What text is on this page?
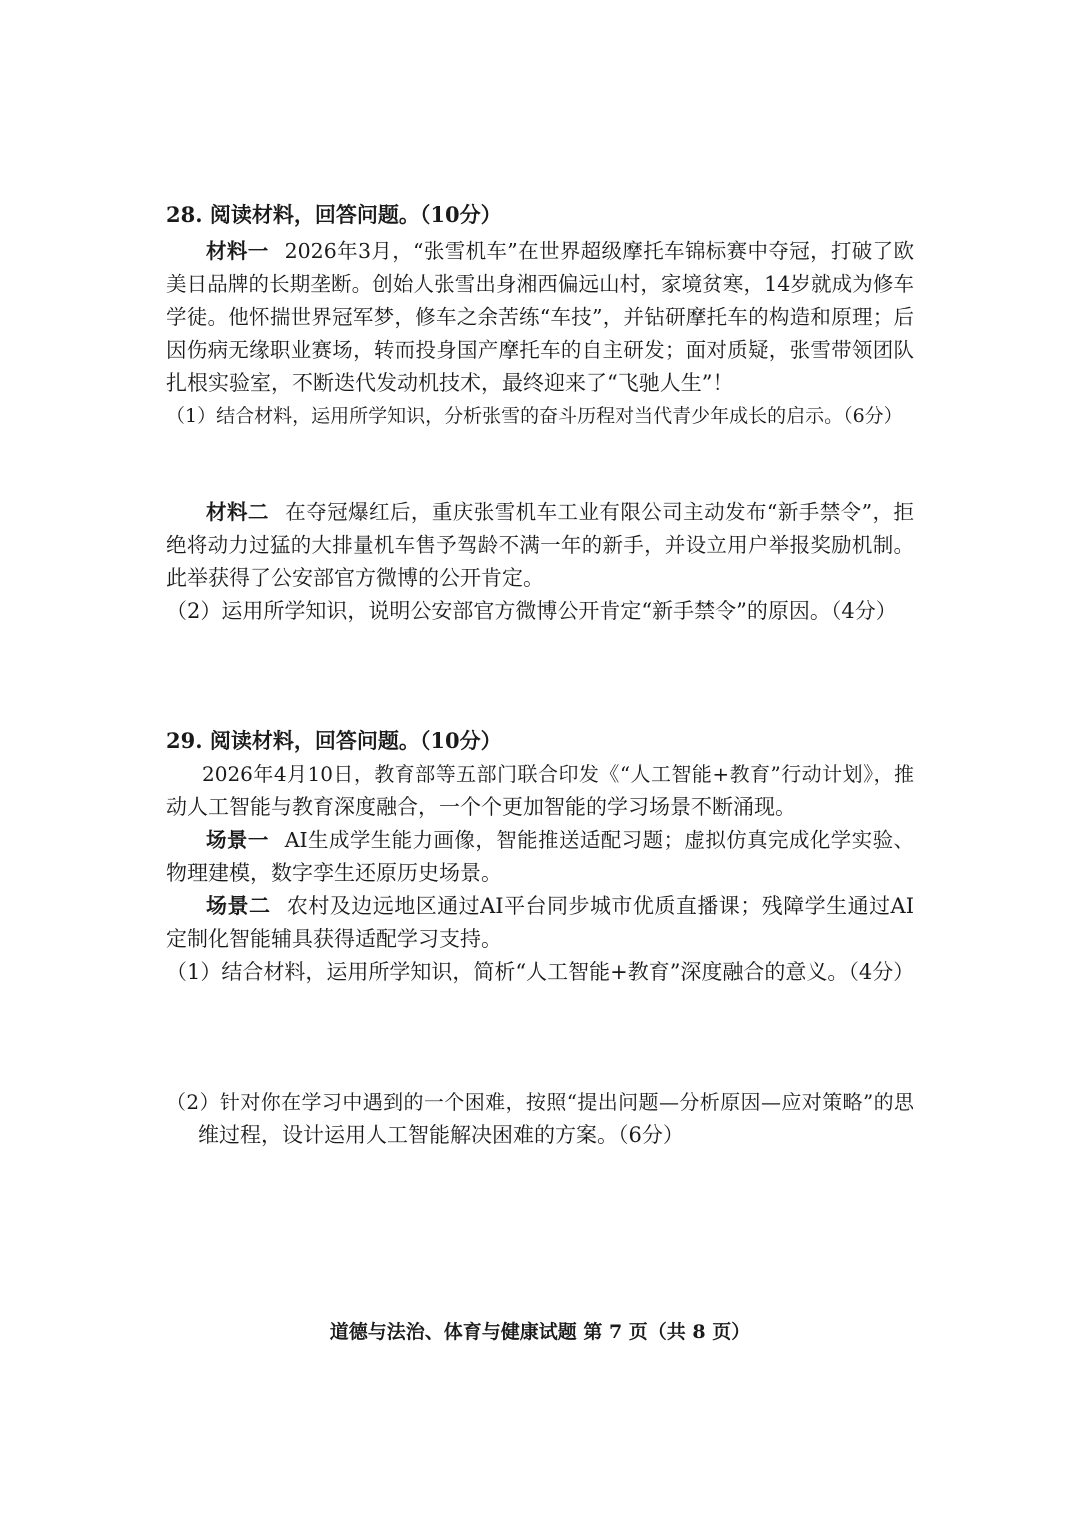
28. 阅读材料，回答问题。（10分）
材料一 2026年3月，“张雪机车”在世界超级摩托车锦标赛中夺冠，打破了欧
美日品牌的长期垄断。创始人张雪出身湘西偏远山村，家境贫寒，14岁就成为修车
学徒。他怀揣世界冠军梦，修车之余苦练“车技”，并钻研摩托车的构造和原理；后
因伤病无缘职业赛场，转而投身国产摩托车的自主研发；面对质疑，张雪带领团队
扎根实验室，不断迭代发动机技术，最终迎来了“飞驰人生”！
（1）结合材料，运用所学知识，分析张雪的奋斗历程对当代青少年成长的启示。（6分）
材料二 在夺冠爆红后，重庆张雪机车工业有限公司主动发布“新手禁令”，拒
绝将动力过猛的大排量机车售予驾龄不满一年的新手，并设立用户举报奖励机制。
此举获得了公安部官方微博的公开肯定。
（2）运用所学知识，说明公安部官方微博公开肯定“新手禁令”的原因。（4分）
29. 阅读材料，回答问题。（10分）
2026年4月10日，教育部等五部门联合印发《“人工智能+教育”行动计划》，推
动人工智能与教育深度融合，一个个更加智能的学习场景不断涌现。
场景一 AI生成学生能力画像，智能推送适配习题；虚拟仿真完成化学实验、
物理建模，数字孪生还原历史场景。
场景二 农村及边远地区通过AI平台同步城市优质直播课；残障学生通过AI
定制化智能辅具获得适配学习支持。
（1）结合材料，运用所学知识，简析“人工智能+教育”深度融合的意义。（4分）
（2）针对你在学习中遇到的一个困难，按照“提出问题—分析原因—应对策略”的思
维过程，设计运用人工智能解决困难的方案。（6分）
道德与法治、体育与健康试题 第 7 页（共 8 页）
